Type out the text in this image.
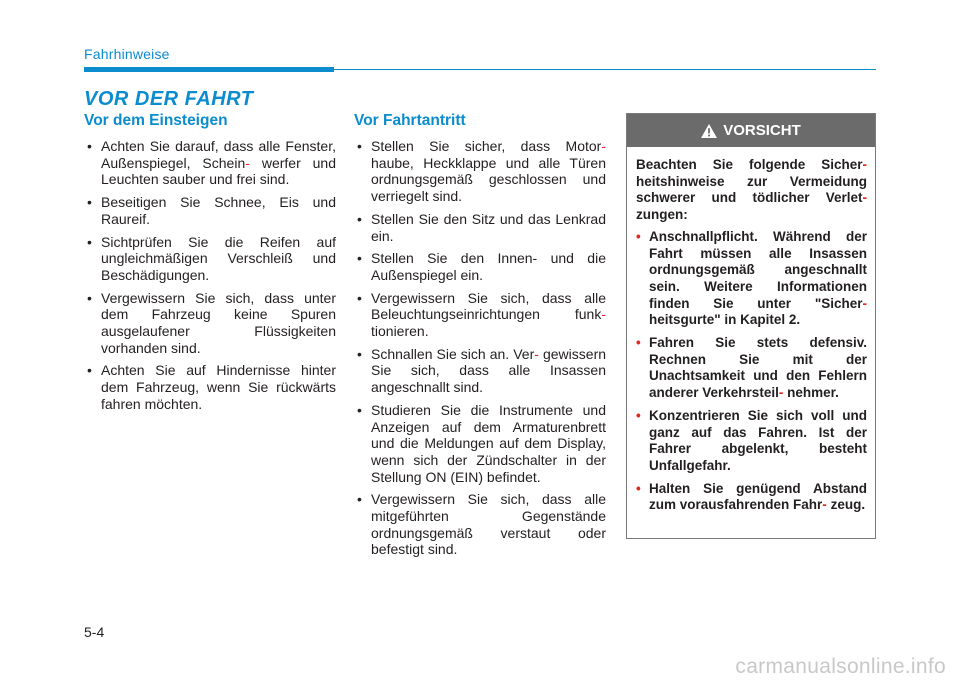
Fahrhinweise
VOR DER FAHRT
Vor dem Einsteigen
• Achten Sie darauf, dass alle Fenster, Außenspiegel, Schein- werfer und Leuchten sauber und frei sind.
• Beseitigen Sie Schnee, Eis und Raureif.
• Sichtprüfen Sie die Reifen auf ungleichmäßigen Verschleiß und Beschädigungen.
• Vergewissern Sie sich, dass unter dem Fahrzeug keine Spuren ausgelaufener Flüssigkeiten vorhanden sind.
• Achten Sie auf Hindernisse hinter dem Fahrzeug, wenn Sie rückwärts fahren möchten.
Vor Fahrtantritt
• Stellen Sie sicher, dass Motor- haube, Heckklappe und alle Türen ordnungsgemäß geschlossen und verriegelt sind.
• Stellen Sie den Sitz und das Lenkrad ein.
• Stellen Sie den Innen- und die Außenspiegel ein.
• Vergewissern Sie sich, dass alle Beleuchtungseinrichtungen funk- tionieren.
• Schnallen Sie sich an. Ver- gewissern Sie sich, dass alle Insassen angeschnallt sind.
• Studieren Sie die Instrumente und Anzeigen auf dem Armaturenbrett und die Meldungen auf dem Display, wenn sich der Zündschalter in der Stellung ON (EIN) befindet.
• Vergewissern Sie sich, dass alle mitgeführten Gegenstände ordnungsgemäß verstaut oder befestigt sind.
VORSICHT

Beachten Sie folgende Sicher- heitshinweise zur Vermeidung schwerer und tödlicher Verlet- zungen:

• Anschnallpflicht. Während der Fahrt müssen alle Insassen ordnungsgemäß angeschnallt sein. Weitere Informationen finden Sie unter "Sicher- heitsgurte" in Kapitel 2.
• Fahren Sie stets defensiv. Rechnen Sie mit der Unachtsamkeit und den Fehlern anderer Verkehrsteil- nehmer.
• Konzentrieren Sie sich voll und ganz auf das Fahren. Ist der Fahrer abgelenkt, besteht Unfallgefahr.
• Halten Sie genügend Abstand zum vorausfahrenden Fahr- zeug.
5-4
carmanualsonline.info
